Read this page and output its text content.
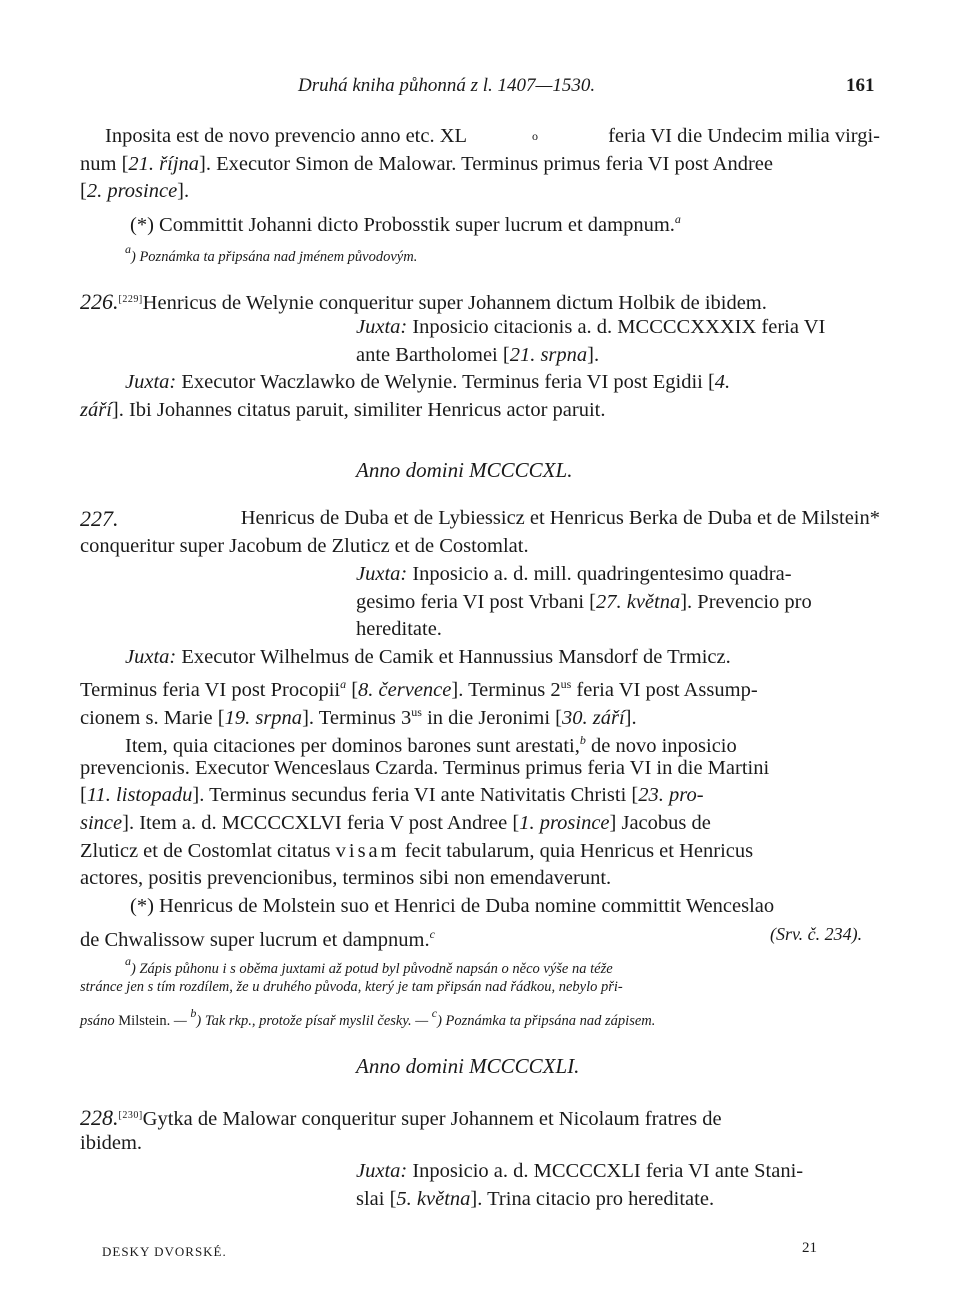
Druhá kniha půhonná z l. 1407—1530.	161
Inposita est de novo prevencio anno etc. XL	o	feria VI die Undecim milia virgi-
num [21. října]. Executor Simon de Malowar. Terminus primus feria VI post Andree
[2. prosince].
(*) Committit Johanni dicto Probosstik super lucrum et dampnum.$^a$
$^a$) Poznámka ta připsána nad jménem původovým.
226.[229]Henricus de Welynie conqueritur super Johannem dictum Holbik de ibidem.
Juxta: Inposicio citacionis a. d. MCCCCXXXIX feria VI
ante Bartholomei [21. srpna].
Juxta: Executor Waczlawko de Welynie. Terminus feria VI post Egidii [4.
září]. Ibi Johannes citatus paruit, similiter Henricus actor paruit.
Anno domini MCCCCXL.
227.	Henricus de Duba et de Lybiessicz et Henricus Berka de Duba et de Milstein*
conqueritur super Jacobum de Zluticz et de Costomlat.
Juxta: Inposicio a. d. mill. quadringentesimo quadra-
gesimo feria VI post Vrbani [27. května]. Prevencio pro
hereditate.
Juxta: Executor Wilhelmus de Camik et Hannussius Mansdorf de Trmicz.
Terminus feria VI post Procopii$^a$ [8. července]. Terminus $2^{us}$ feria VI post Assump-
cionem s. Marie [19. srpna]. Terminus $3^{us}$ in die Jeronimi [30. září].
Item, quia citaciones per dominos barones sunt arestati,$^b$ de novo inposicio
prevencionis. Executor Wenceslaus Czarda. Terminus primus feria VI in die Martini
[11. listopadu]. Terminus secundus feria VI ante Nativitatis Christi [23. pro-
since]. Item a. d. MCCCCXLVI feria V post Andree [1. prosince] Jacobus de
Zluticz et de Costomlat citatus visam fecit tabularum, quia Henricus et Henricus
actores, positis prevencionibus, terminos sibi non emendaverunt.
(*) Henricus de Molstein suo et Henrici de Duba nomine committit Wenceslao
de Chwalissow super lucrum et dampnum.$^c$	(Srv. č. 234).
$^a$) Zápis půhonu i s oběma juxtami až potud byl původně napsán o něco výše na téže
stránce jen s tím rozdílem, že u druhého původa, který je tam připsán nad řádkou, nebylo při-
psáno Milstein. — $^b$) Tak rkp., protože písař myslil česky. — $^c$) Poznámka ta připsána nad zápisem.
Anno domini MCCCCXLI.
228.[230]Gytka de Malowar conqueritur super Johannem et Nicolaum fratres de
ibidem.
Juxta: Inposicio a. d. MCCCCXLI feria VI ante Stani-
slai [5. května]. Trina citacio pro hereditate.
DESKY DVORSKÉ.	21
